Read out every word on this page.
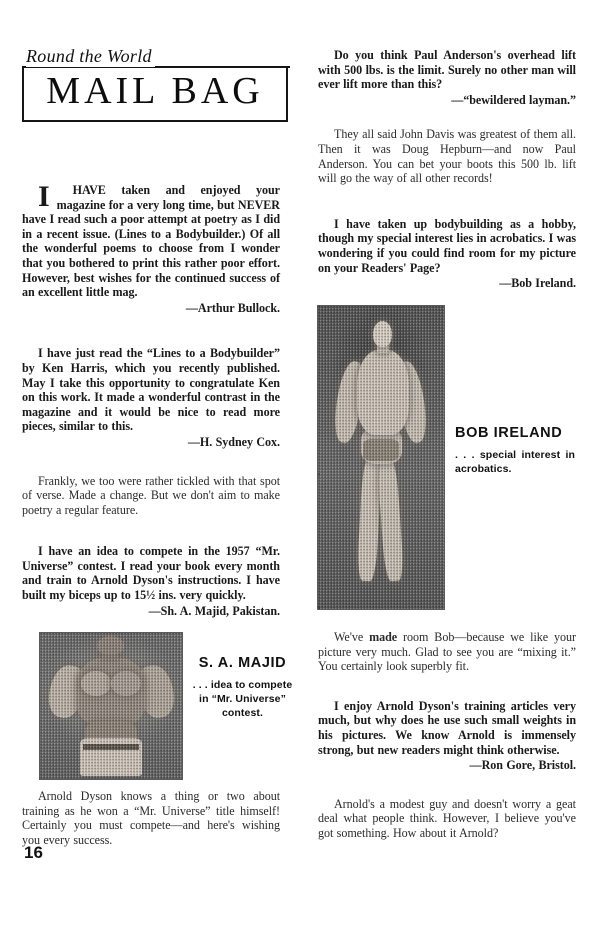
Round the World
MAIL BAG
I	HAVE taken and enjoyed your magazine for a very long time, but NEVER have I read such a poor attempt at poetry as I did in a recent issue. (Lines to a Bodybuilder.) Of all the wonderful poems to choose from I wonder that you bothered to print this rather poor effort. However, best wishes for the continued success of an excellent little mag.
—Arthur Bullock.
I have just read the “Lines to a Bodybuilder” by Ken Harris, which you recently published. May I take this opportunity to congratulate Ken on this work. It made a wonderful contrast in the magazine and it would be nice to read more pieces, similar to this.
—H. Sydney Cox.
Frankly, we too were rather tickled with that spot of verse. Made a change. But we don't aim to make poetry a regular feature.
I have an idea to compete in the 1957 “Mr. Universe” contest. I read your book every month and train to Arnold Dyson's instructions. I have built my biceps up to 15½ ins. very quickly.
—Sh. A. Majid, Pakistan.
Arnold Dyson knows a thing or two about training as he won a “Mr. Universe” title himself! Certainly you must compete—and here's wishing you every success.
Do you think Paul Anderson's overhead lift with 500 lbs. is the limit. Surely no other man will ever lift more than this?
—“bewildered layman.”
They all said John Davis was greatest of them all. Then it was Doug Hepburn—and now Paul Anderson. You can bet your boots this 500 lb. lift will go the way of all other records!
I have taken up bodybuilding as a hobby, though my special interest lies in acrobatics. I was wondering if you could find room for my picture on your Readers' Page?
—Bob Ireland.
We've made room Bob—because we like your picture very much. Glad to see you are “mixing it.” You certainly look superbly fit.
I enjoy Arnold Dyson's training articles very much, but why does he use such small weights in his pictures. We know Arnold is immensely strong, but new readers might think otherwise.
—Ron Gore, Bristol.
Arnold's a modest guy and doesn't worry a geat deal what people think. However, I believe you've got something. How about it Arnold?
BOB IRELAND
. . . special interest in acrobatics.
S. A. MAJID
. . . idea to compete in “Mr. Universe” contest.
16
